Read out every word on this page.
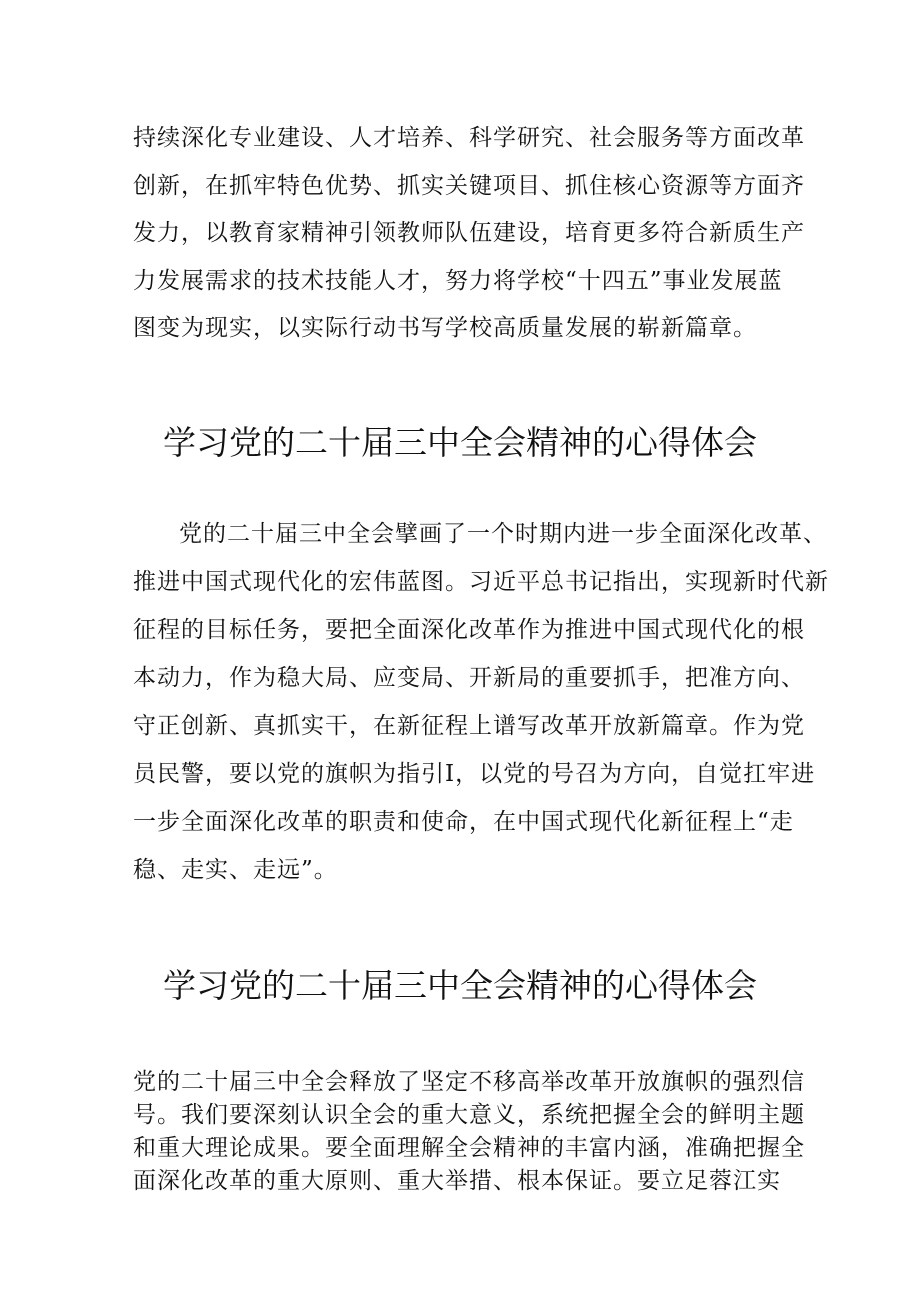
持续深化专业建设、人才培养、科学研究、社会服务等方面改革

创新，在抓牢特色优势、抓实关键项目、抓住核心资源等方面齐

发力，以教育家精神引领教师队伍建设，培育更多符合新质生产

力发展需求的技术技能人才，努力将学校“十四五”事业发展蓝

图变为现实，以实际行动书写学校高质量发展的崭新篇章。

学习党的二十届三中全会精神的心得体会

党的二十届三中全会擘画了一个时期内进一步全面深化改革、

推进中国式现代化的宏伟蓝图。习近平总书记指出，实现新时代新

征程的目标任务，要把全面深化改革作为推进中国式现代化的根

本动力，作为稳大局、应变局、开新局的重要抓手，把准方向、

守正创新、真抓实干，在新征程上谱写改革开放新篇章。作为党

员民警，要以党的旗帜为指引I，以党的号召为方向，自觉扛牢进

一步全面深化改革的职责和使命，在中国式现代化新征程上“走

稳、走实、走远”。

学习党的二十届三中全会精神的心得体会

党的二十届三中全会释放了坚定不移高举改革开放旗帜的强烈信

号。我们要深刻认识全会的重大意义，系统把握全会的鲜明主题

和重大理论成果。要全面理解全会精神的丰富内涵，准确把握全

面深化改革的重大原则、重大举措、根本保证。要立足蓉江实
